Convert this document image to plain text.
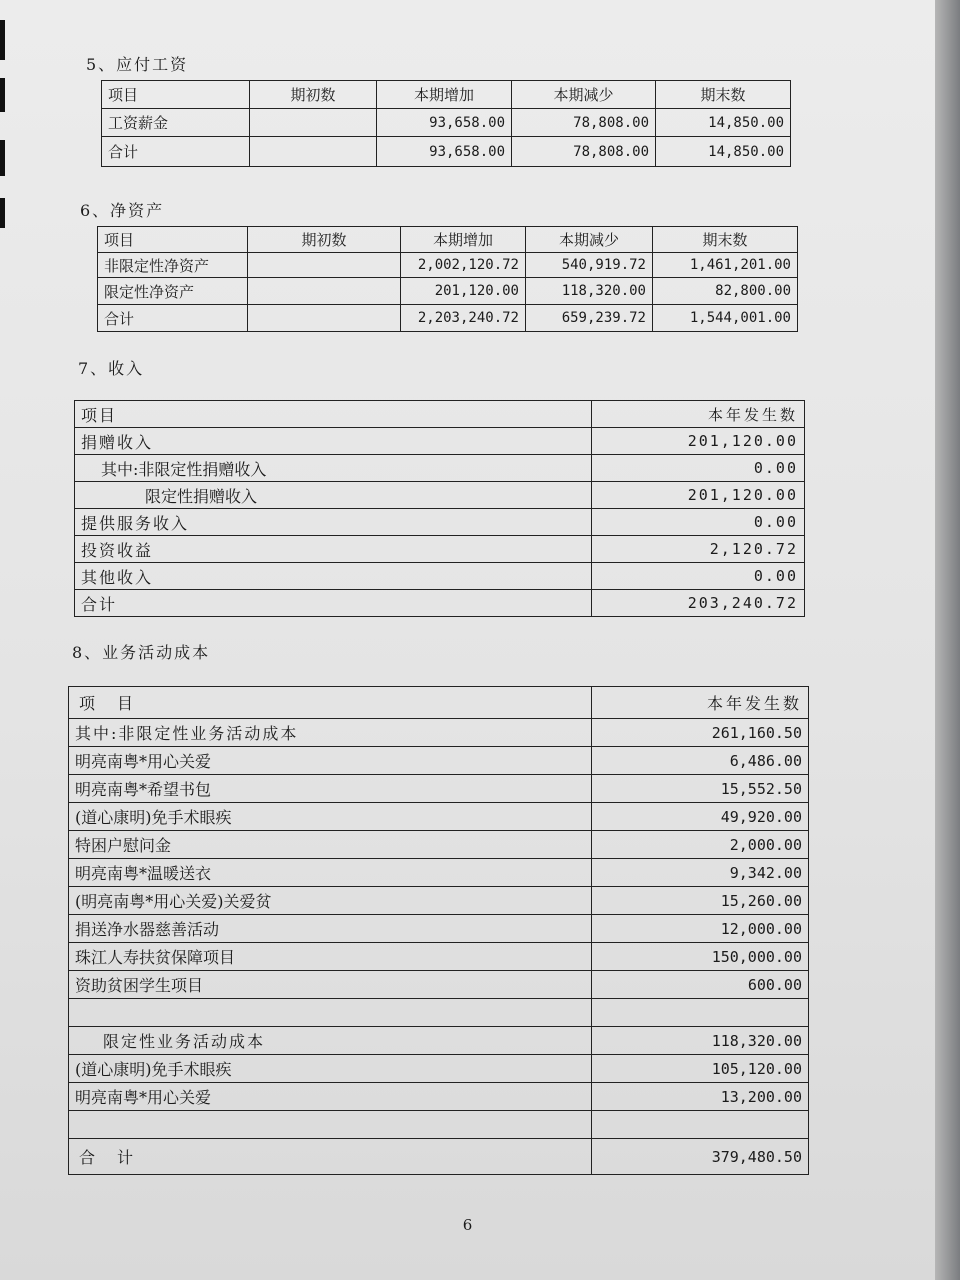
5、应付工资
项目	期初数	本期增加	本期减少	期末数
工资薪金		93,658.00	78,808.00	14,850.00
合计		93,658.00	78,808.00	14,850.00
6、净资产
项目	期初数	本期增加	本期减少	期末数
非限定性净资产		2,002,120.72	540,919.72	1,461,201.00
限定性净资产		201,120.00	118,320.00	82,800.00
合计		2,203,240.72	659,239.72	1,544,001.00
7、收入
项目	本年发生数
捐赠收入	201,120.00
其中:非限定性捐赠收入	0.00
限定性捐赠收入	201,120.00
提供服务收入	0.00
投资收益	2,120.72
其他收入	0.00
合计	203,240.72
8、业务活动成本
项　目	本年发生数
其中:非限定性业务活动成本	261,160.50
明亮南粤*用心关爱	6,486.00
明亮南粤*希望书包	15,552.50
(道心康明)免手术眼疾	49,920.00
特困户慰问金	2,000.00
明亮南粤*温暖送衣	9,342.00
(明亮南粤*用心关爱)关爱贫	15,260.00
捐送净水器慈善活动	12,000.00
珠江人寿扶贫保障项目	150,000.00
资助贫困学生项目	600.00

限定性业务活动成本	118,320.00
(道心康明)免手术眼疾	105,120.00
明亮南粤*用心关爱	13,200.00

合　计	379,480.50
6
